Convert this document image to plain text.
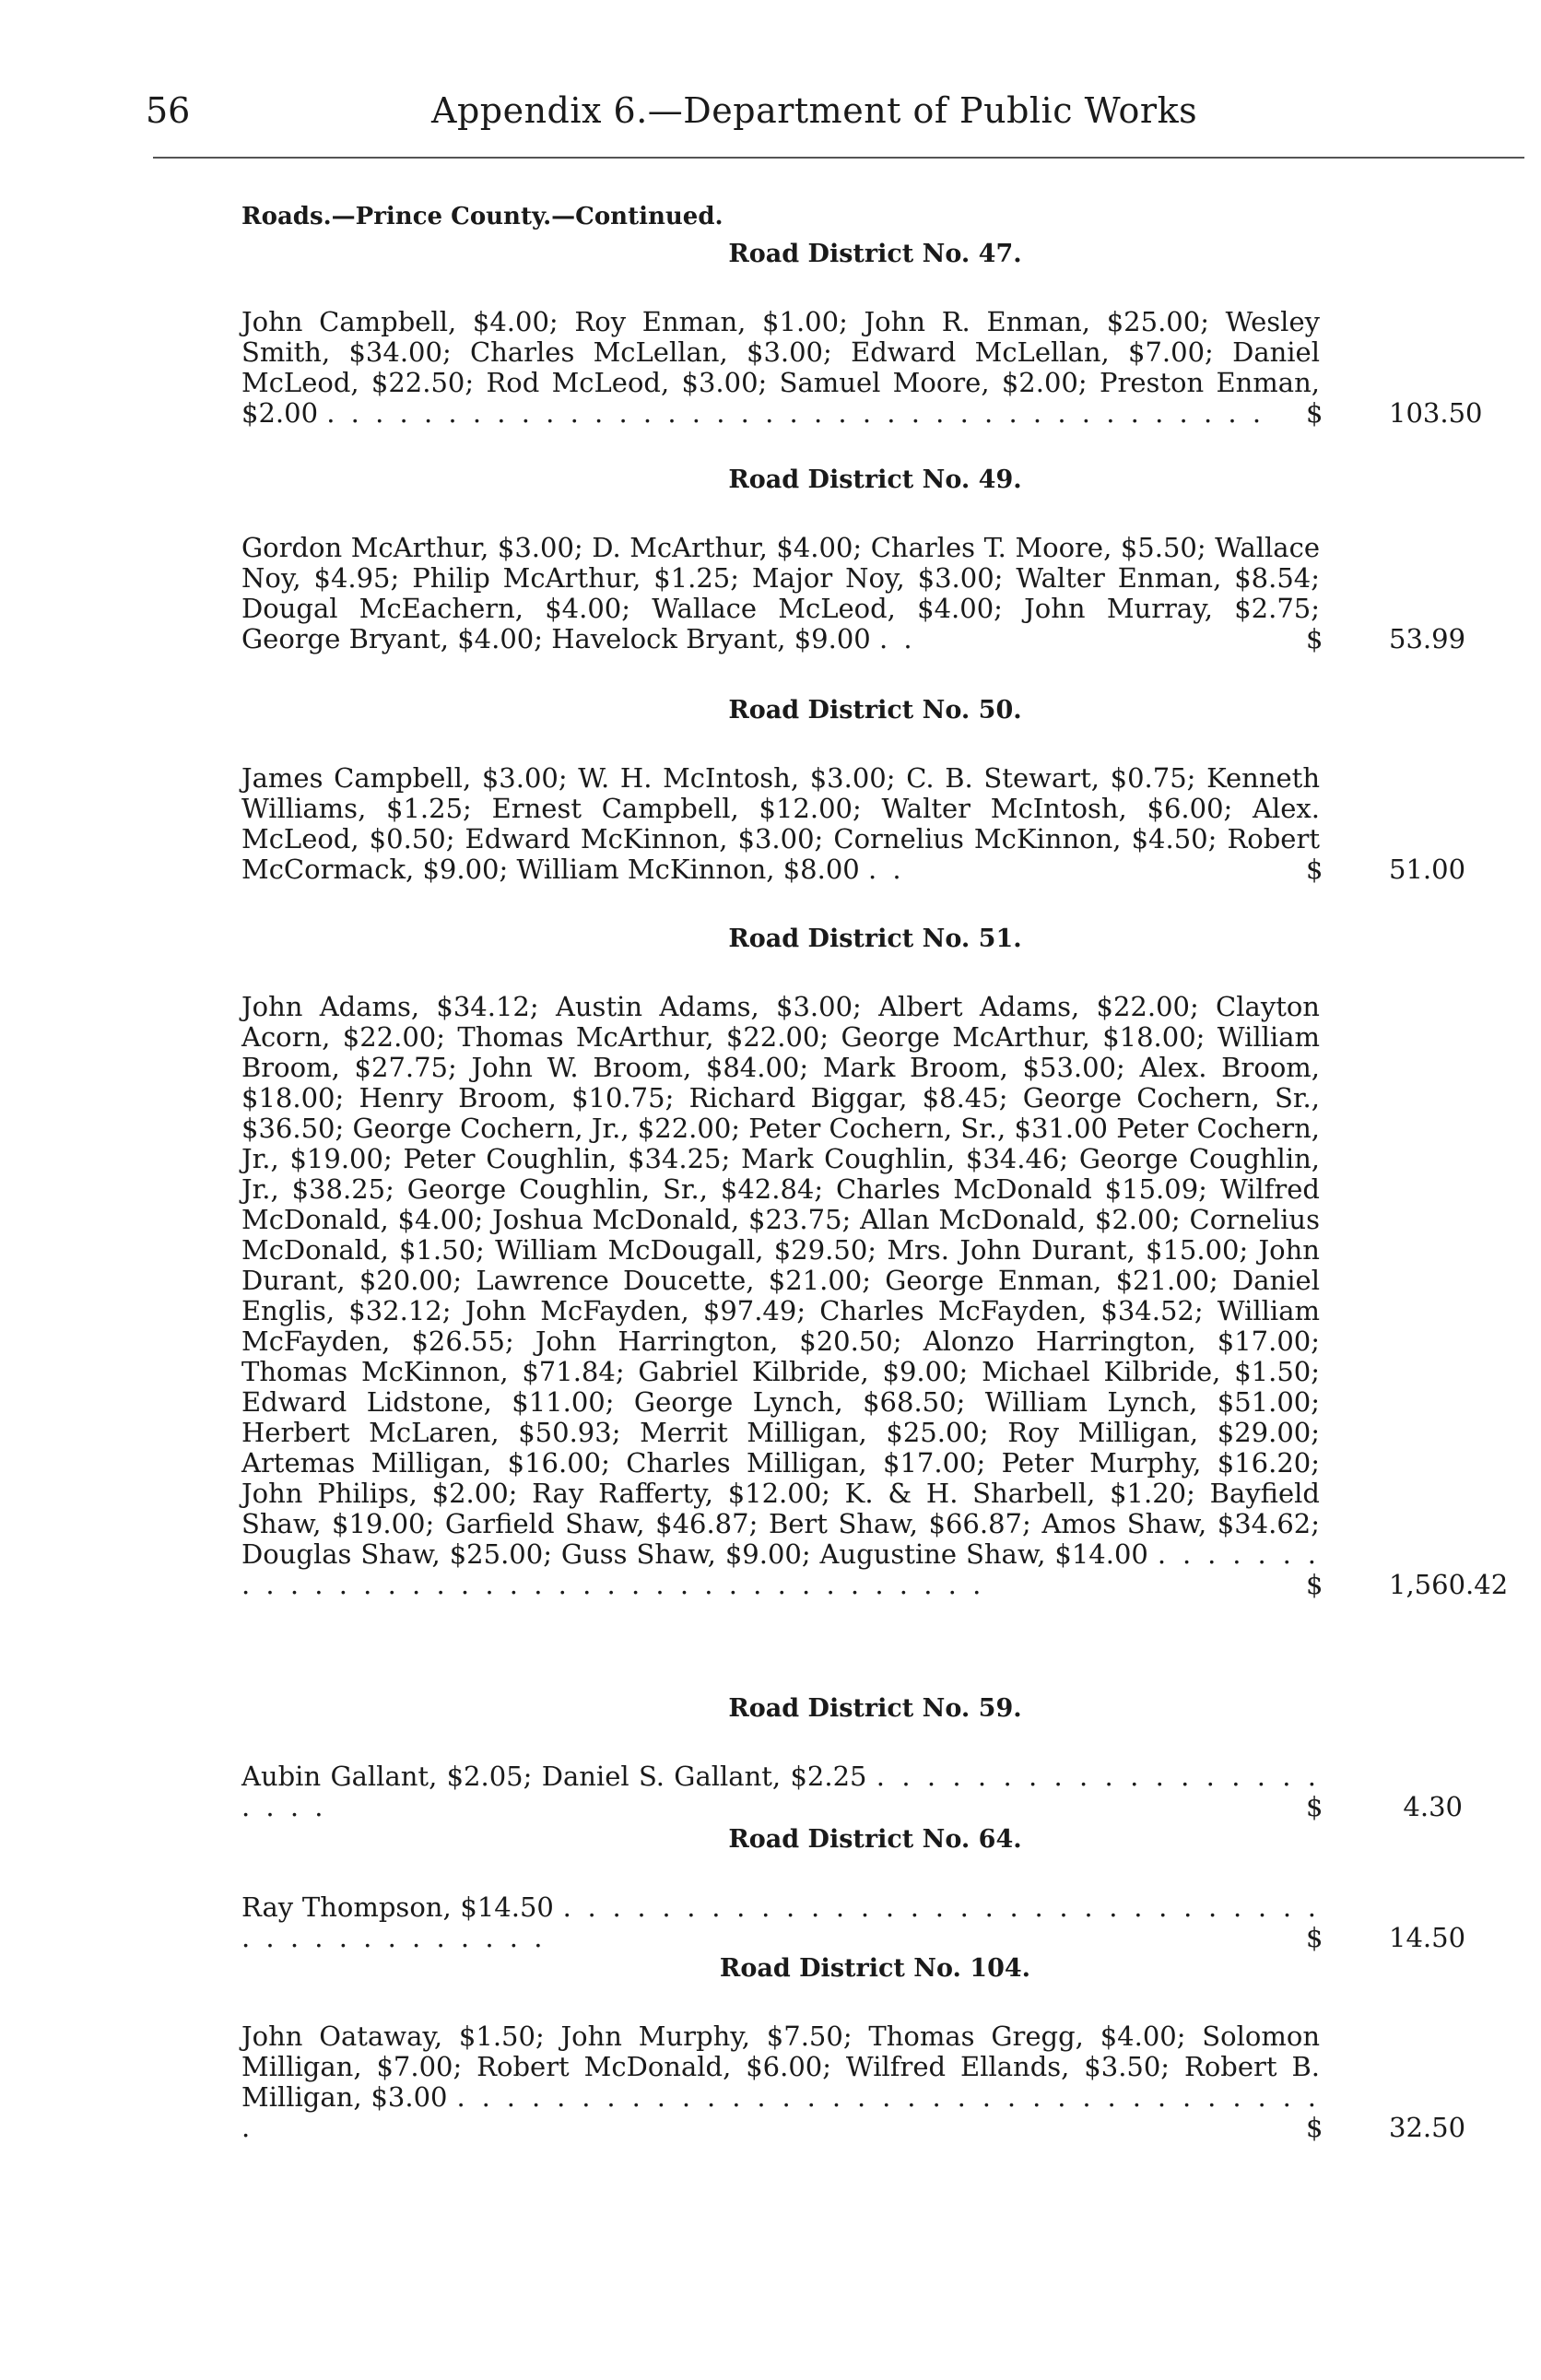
56	Appendix 6.—Department of Public Works
Roads.—Prince County.—Continued.
Road District No. 47.
John Campbell, $4.00; Roy Enman, $1.00; John R. Enman, $25.00; Wesley Smith, $34.00; Charles McLellan, $3.00; Edward McLellan, $7.00; Daniel McLeod, $22.50; Rod McLeod, $3.00; Samuel Moore, $2.00; Preston Enman, $2.00 . . . . . . . . . . . . . . . . . . . . . . . . . . . . . . . . . . . . . . .	$ 103.50
Road District No. 49.
Gordon McArthur, $3.00; D. McArthur, $4.00; Charles T. Moore, $5.50; Wallace Noy, $4.95; Philip McArthur, $1.25; Major Noy, $3.00; Walter Enman, $8.54; Dougal McEachern, $4.00; Wallace McLeod, $4.00; John Murray, $2.75; George Bryant, $4.00; Havelock Bryant, $9.00 . .	$ 53.99
Road District No. 50.
James Campbell, $3.00; W. H. McIntosh, $3.00; C. B. Stewart, $0.75; Kenneth Williams, $1.25; Ernest Campbell, $12.00; Walter McIntosh, $6.00; Alex. McLeod, $0.50; Edward McKinnon, $3.00; Cornelius McKinnon, $4.50; Robert McCormack, $9.00; William McKinnon, $8.00 . .	$ 51.00
Road District No. 51.
John Adams, $34.12; Austin Adams, $3.00; Albert Adams, $22.00; Clayton Acorn, $22.00; Thomas McArthur, $22.00; George McArthur, $18.00; William Broom, $27.75; John W. Broom, $84.00; Mark Broom, $53.00; Alex. Broom, $18.00; Henry Broom, $10.75; Richard Biggar, $8.45; George Cochern, Sr., $36.50; George Cochern, Jr., $22.00; Peter Cochern, Sr., $31.00 Peter Cochern, Jr., $19.00; Peter Coughlin, $34.25; Mark Coughlin, $34.46; George Coughlin, Jr., $38.25; George Coughlin, Sr., $42.84; Charles McDonald $15.09; Wilfred McDonald, $4.00; Joshua McDonald, $23.75; Allan McDonald, $2.00; Cornelius McDonald, $1.50; William McDougall, $29.50; Mrs. John Durant, $15.00; John Durant, $20.00; Lawrence Doucette, $21.00; George Enman, $21.00; Daniel Englis, $32.12; John McFayden, $97.49; Charles McFayden, $34.52; William McFayden, $26.55; John Harrington, $20.50; Alonzo Harrington, $17.00; Thomas McKinnon, $71.84; Gabriel Kilbride, $9.00; Michael Kilbride, $1.50; Edward Lidstone, $11.00; George Lynch, $68.50; William Lynch, $51.00; Herbert McLaren, $50.93; Merrit Milligan, $25.00; Roy Milligan, $29.00; Artemas Milligan, $16.00; Charles Milligan, $17.00; Peter Murphy, $16.20; John Philips, $2.00; Ray Rafferty, $12.00; K. & H. Sharbell, $1.20; Bayfield Shaw, $19.00; Garfield Shaw, $46.87; Bert Shaw, $66.87; Amos Shaw, $34.62; Douglas Shaw, $25.00; Guss Shaw, $9.00; Augustine Shaw, $14.00 . . . . . . . . . . . . . . . . . . . . . . . . . . . . . . . . . . . . . .	$ 1,560.42
Road District No. 59.
Aubin Gallant, $2.05; Daniel S. Gallant, $2.25 . . . . . . . . . . . . . . . . . . . . . .	$	4.30
Road District No. 64.
Ray Thompson, $14.50 . . . . . . . . . . . . . . . . . . . . . . . . . . . . . . . . . . . . . . . . . . . .	$ 14.50
Road District No. 104.
John Oataway, $1.50; John Murphy, $7.50; Thomas Gregg, $4.00; Solomon Milligan, $7.00; Robert McDonald, $6.00; Wilfred Ellands, $3.50; Robert B. Milligan, $3.00 . . . . . . . . . . . . . . . . . . . . . . . . . . . . . . . . . . . .	$ 32.50
